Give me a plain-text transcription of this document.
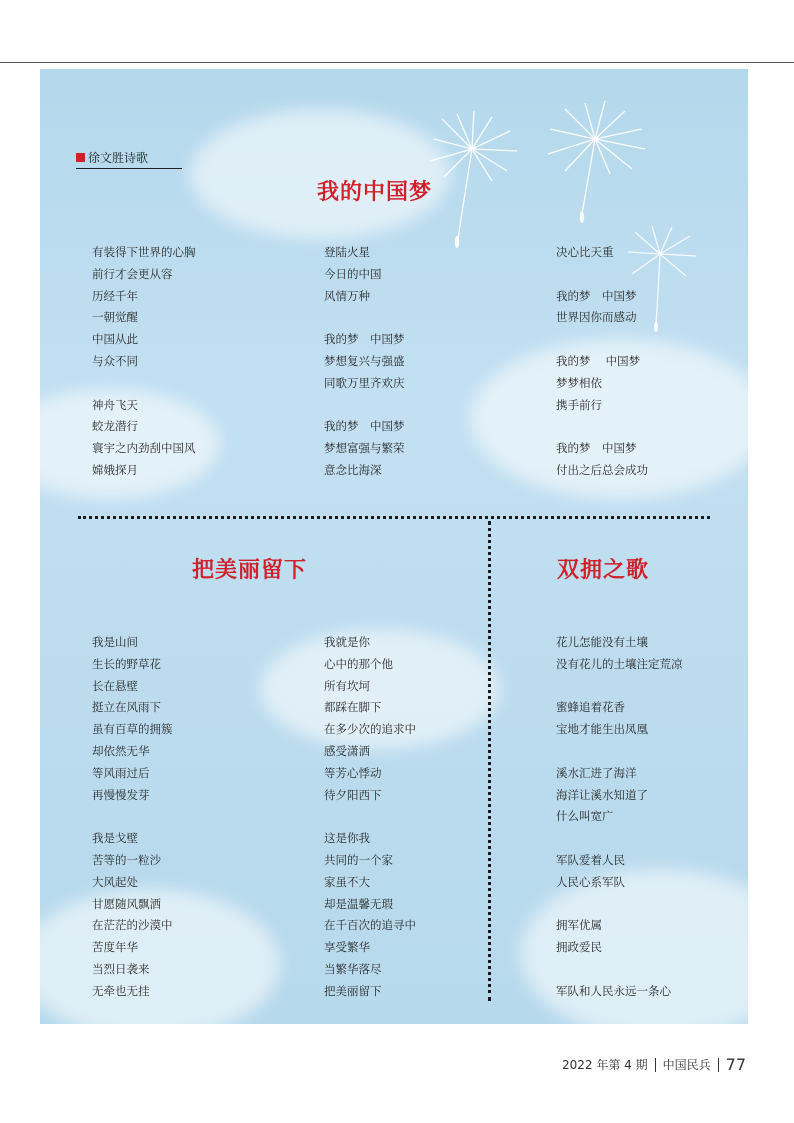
徐文胜诗歌
我的中国梦
有装得下世界的心胸
前行才会更从容
历经千年
一朝觉醒
中国从此
与众不同
神舟飞天
蛟龙潜行
寰宇之内劲刮中国风
嫦娥探月
登陆火星
今日的中国
风情万种
我的梦　中国梦
梦想复兴与强盛
同歌万里齐欢庆
我的梦　中国梦
梦想富强与繁荣
意念比海深
决心比天重
我的梦　中国梦
世界因你而感动
我的梦　 中国梦
梦梦相依
携手前行
我的梦　中国梦
付出之后总会成功
把美丽留下
我是山间
生长的野草花
长在悬壁
挺立在风雨下
虽有百草的拥簇
却依然无华
等风雨过后
再慢慢发芽
我是戈壁
苦等的一粒沙
大风起处
甘愿随风飘洒
在茫茫的沙漠中
苦度年华
当烈日袭来
无牵也无挂
我就是你
心中的那个他
所有坎坷
都踩在脚下
在多少次的追求中
感受潇洒
等芳心悸动
待夕阳西下
这是你我
共同的一个家
家虽不大
却是温馨无瑕
在千百次的追寻中
享受繁华
当繁华落尽
把美丽留下
双拥之歌
花儿怎能没有土壤
没有花儿的土壤注定荒凉
蜜蜂追着花香
宝地才能生出凤凰
溪水汇进了海洋
海洋让溪水知道了
什么叫宽广
军队爱着人民
人民心系军队
拥军优属
拥政爱民
军队和人民永远一条心
2022 年第 4 期 中国民兵 77
